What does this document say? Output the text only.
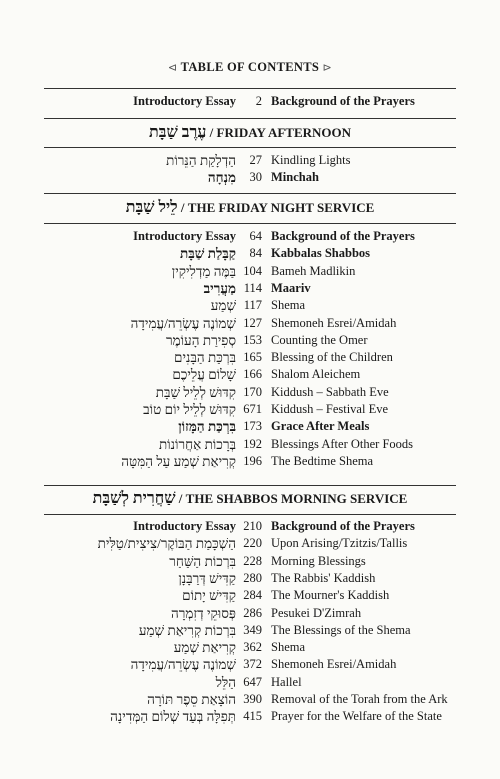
⊲ TABLE OF CONTENTS ⊳
Introductory Essay	2 Background of the Prayers
עֶרֶב שַׁבָּת / FRIDAY AFTERNOON
הַדְלָקַת הַנֵּרוֹת	27 Kindling Lights
מִנְחָה	30 Minchah
לֵיל שַׁבָּת / THE FRIDAY NIGHT SERVICE
Introductory Essay	64 Background of the Prayers
קַבָּלַת שַׁבָּת	84 Kabbalas Shabbos
בַּמֶּה מַדְלִיקִין 104 Bameh Madlikin
מַעֲרִיב 114 Maariv
שְׁמַע 117 Shema
שְׁמוֹנֶה עֶשְׂרֵה/עֲמִידָה 127 Shemoneh Esrei/Amidah
סְפִירַת הָעוֹמֶר 153 Counting the Omer
בִּרְכַּת הַבָּנִים 165 Blessing of the Children
שָׁלוֹם עֲלֵיכֶם 166 Shalom Aleichem
קִדּוּשׁ לְלֵיל שַׁבָּת 170 Kiddush – Sabbath Eve
קִדּוּשׁ לְלֵיל יוֹם טוֹב 671 Kiddush – Festival Eve
בִּרְכַּת הַמָּזוֹן 173 Grace After Meals
בְּרָכוֹת אַחֲרוֹנוֹת 192 Blessings After Other Foods
קְרִיאַת שְׁמַע עַל הַמִּטָּה 196 The Bedtime Shema
שַׁחֲרִית לְשַׁבָּת / THE SHABBOS MORNING SERVICE
Introductory Essay 210 Background of the Prayers
הַשְׁכָּמַת הַבּוֹקֶר/צִיצִית/טַלִּית 220 Upon Arising/Tzitzis/Tallis
בִּרְכוֹת הַשַּׁחַר 228 Morning Blessings
קַדִּישׁ דְּרַבָּנָן 280 The Rabbis' Kaddish
קַדִּישׁ יָתוֹם 284 The Mourner's Kaddish
פְּסוּקֵי דְזִמְרָה 286 Pesukei D'Zimrah
בִּרְכוֹת קְרִיאַת שְׁמַע 349 The Blessings of the Shema
קְרִיאַת שְׁמַע 362 Shema
שְׁמוֹנֶה עֶשְׂרֵה/עֲמִידָה 372 Shemoneh Esrei/Amidah
הַלֵּל 647 Hallel
הוֹצָאַת סֵפֶר תּוֹרָה 390 Removal of the Torah from the Ark
תְּפִלָּה בְּעַד שְׁלוֹם הַמְּדִינָה 415 Prayer for the Welfare of the State
